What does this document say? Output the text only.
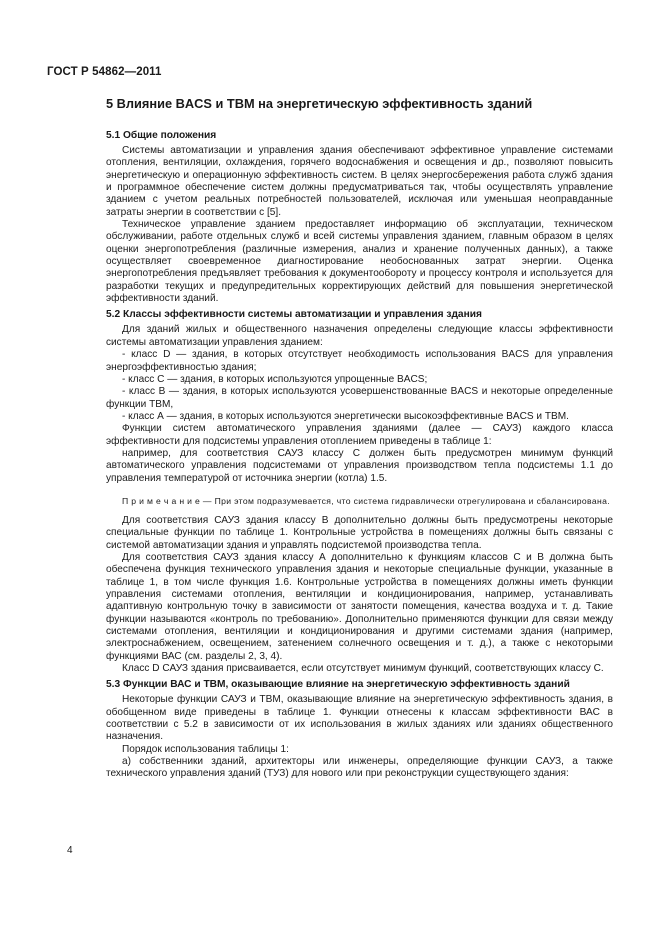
ГОСТ Р 54862—2011
5 Влияние BACS и TBM на энергетическую эффективность зданий
5.1 Общие положения

Системы автоматизации и управления здания обеспечивают эффективное управление системами отопления, вентиляции, охлаждения, горячего водоснабжения и освещения и др., позволяют повысить энергетическую и операционную эффективность систем. В целях энергосбережения работа служб здания и программное обеспечение систем должны предусматриваться так, чтобы осуществлять управление зданием с учетом реальных потребностей пользователей, исключая или уменьшая неоправданные затраты энергии в соответствии с [5].

Техническое управление зданием предоставляет информацию об эксплуатации, техническом обслуживании, работе отдельных служб и всей системы управления зданием, главным образом в целях оценки энергопотребления (различные измерения, анализ и хранение полученных данных), а также осуществляет своевременное диагностирование необоснованных затрат энергии. Оценка энергопотребления предъявляет требования к документообороту и процессу контроля и используется для разработки текущих и предупредительных корректирующих действий для повышения энергетической эффективности зданий.

5.2 Классы эффективности системы автоматизации и управления здания

Для зданий жилых и общественного назначения определены следующие классы эффективности системы автоматизации управления зданием:

- класс D — здания, в которых отсутствует необходимость использования BACS для управления энергоэффективностью здания;

- класс С — здания, в которых используются упрощенные BACS;

- класс В — здания, в которых используются усовершенствованные BACS и некоторые определенные функции ТВМ,

- класс А — здания, в которых используются энергетически высокоэффективные BACS и ТВМ.

Функции систем автоматического управления зданиями (далее — САУЗ) каждого класса эффективности для подсистемы управления отоплением приведены в таблице 1:

например, для соответствия САУЗ классу С должен быть предусмотрен минимум функций автоматического управления подсистемами от управления производством тепла подсистемы 1.1 до управления температурой от источника энергии (котла) 1.5.

П р и м е ч а н и е — При этом подразумевается, что система гидравлически отрегулирована и сбалансирована.

Для соответствия САУЗ здания классу В дополнительно должны быть предусмотрены некоторые специальные функции по таблице 1. Контрольные устройства в помещениях должны быть связаны с системой автоматизации здания и управлять подсистемой производства тепла.

Для соответствия САУЗ здания классу А дополнительно к функциям классов С и В должна быть обеспечена функция технического управления здания и некоторые специальные функции, указанные в таблице 1, в том числе функция 1.6. Контрольные устройства в помещениях должны иметь функции управления системами отопления, вентиляции и кондиционирования, например, устанавливать адаптивную контрольную точку в зависимости от занятости помещения, качества воздуха и т. д. Такие функции называются «контроль по требованию». Дополнительно применяются функции для связи между системами отопления, вентиляции и кондиционирования и другими системами здания (например, электроснабжением, освещением, затенением солнечного освещения и т. д.), а также с некоторыми функциями ВАС (см. разделы 2, 3, 4).

Класс D САУЗ здания присваивается, если отсутствует минимум функций, соответствующих классу С.

5.3 Функции ВАС и ТВМ, оказывающие влияние на энергетическую эффективность зданий

Некоторые функции САУЗ и ТВМ, оказывающие влияние на энергетическую эффективность здания, в обобщенном виде приведены в таблице 1. Функции отнесены к классам эффективности ВАС в соответствии с 5.2 в зависимости от их использования в жилых зданиях или зданиях общественного назначения.

Порядок использования таблицы 1:

а) собственники зданий, архитекторы или инженеры, определяющие функции САУЗ, а также технического управления зданий (ТУЗ) для нового или при реконструкции существующего здания:

4
